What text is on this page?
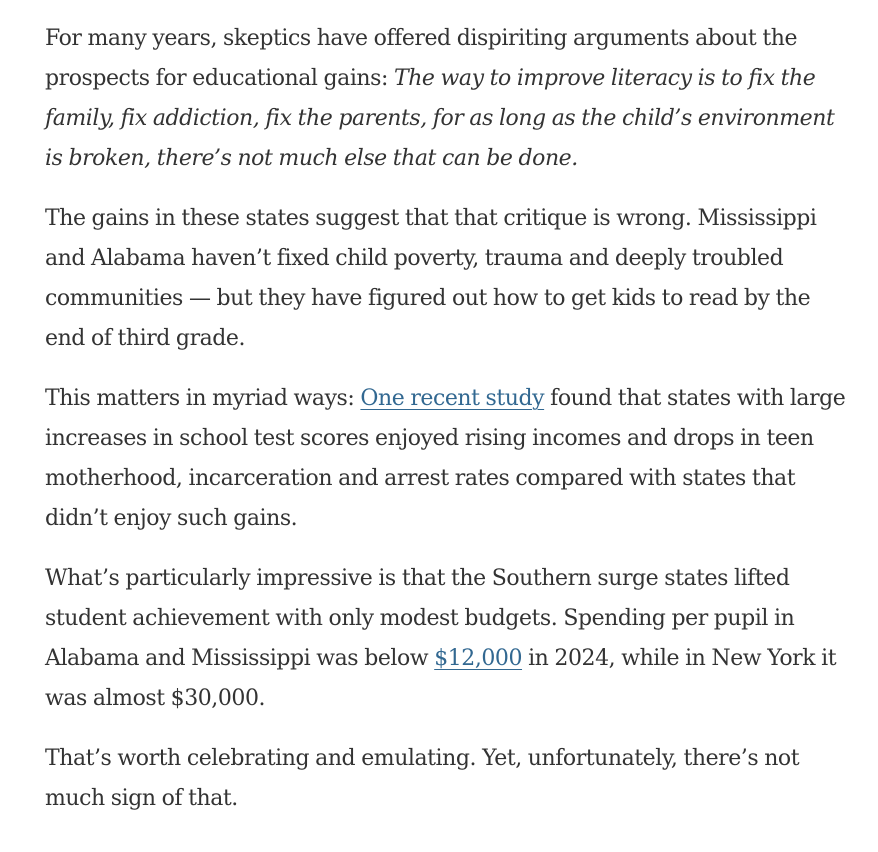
For many years, skeptics have offered dispiriting arguments about the prospects for educational gains: The way to improve literacy is to fix the family, fix addiction, fix the parents, for as long as the child’s environment is broken, there’s not much else that can be done.

The gains in these states suggest that that critique is wrong. Mississippi and Alabama haven’t fixed child poverty, trauma and deeply troubled communities — but they have figured out how to get kids to read by the end of third grade.

This matters in myriad ways: One recent study found that states with large increases in school test scores enjoyed rising incomes and drops in teen motherhood, incarceration and arrest rates compared with states that didn’t enjoy such gains.

What’s particularly impressive is that the Southern surge states lifted student achievement with only modest budgets. Spending per pupil in Alabama and Mississippi was below $12,000 in 2024, while in New York it was almost $30,000.

That’s worth celebrating and emulating. Yet, unfortunately, there’s not much sign of that.
